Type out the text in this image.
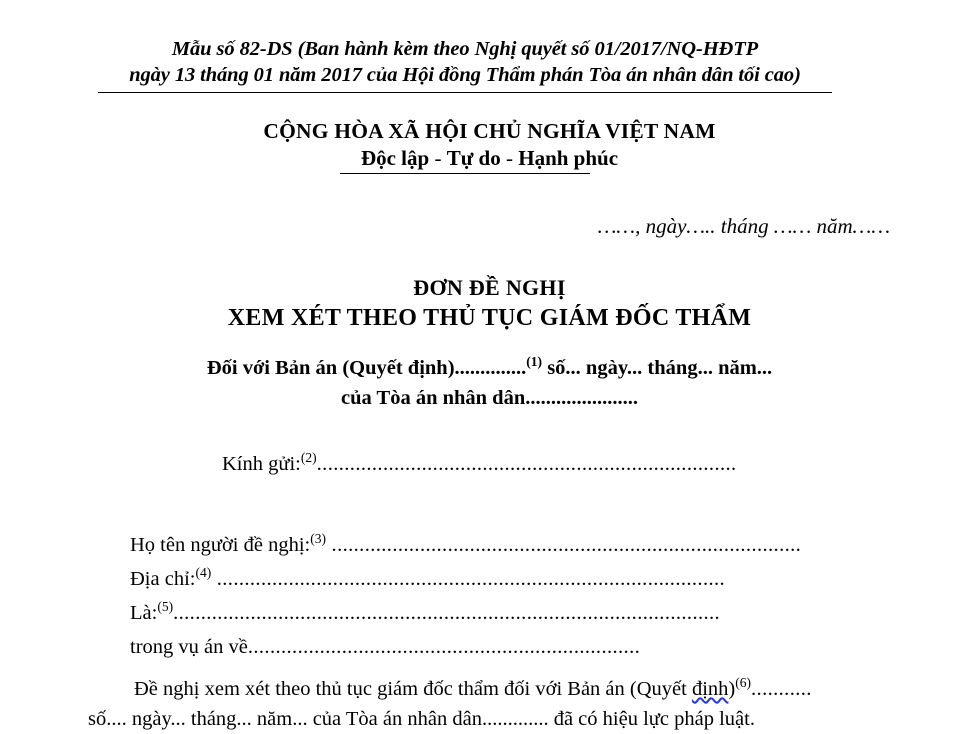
Mẫu số 82-DS (Ban hành kèm theo Nghị quyết số 01/2017/NQ-HĐTP
ngày 13 tháng 01 năm 2017 của Hội đồng Thẩm phán Tòa án nhân dân tối cao)
CỘNG HÒA XÃ HỘI CHỦ NGHĨA VIỆT NAM
Độc lập - Tự do - Hạnh phúc
……, ngày….. tháng …… năm……
ĐƠN ĐỀ NGHỊ
XEM XÉT THEO THỦ TỤC GIÁM ĐỐC THẨM
Đối với Bản án (Quyết định)..............$^{(1)}$ số... ngày... tháng... năm...
của Tòa án nhân dân......................
Kính gửi:$^{(2)}$............................................................................
Họ tên người đề nghị:$^{(3)}$ .....................................................................................
Địa chỉ:$^{(4)}$ ............................................................................................
Là:$^{(5)}$...................................................................................................
trong vụ án về.......................................................................
Đề nghị xem xét theo thủ tục giám đốc thẩm đối với Bản án (Quyết định)$^{(6)}$...........
số.... ngày... tháng... năm... của Tòa án nhân dân............. đã có hiệu lực pháp luật.
